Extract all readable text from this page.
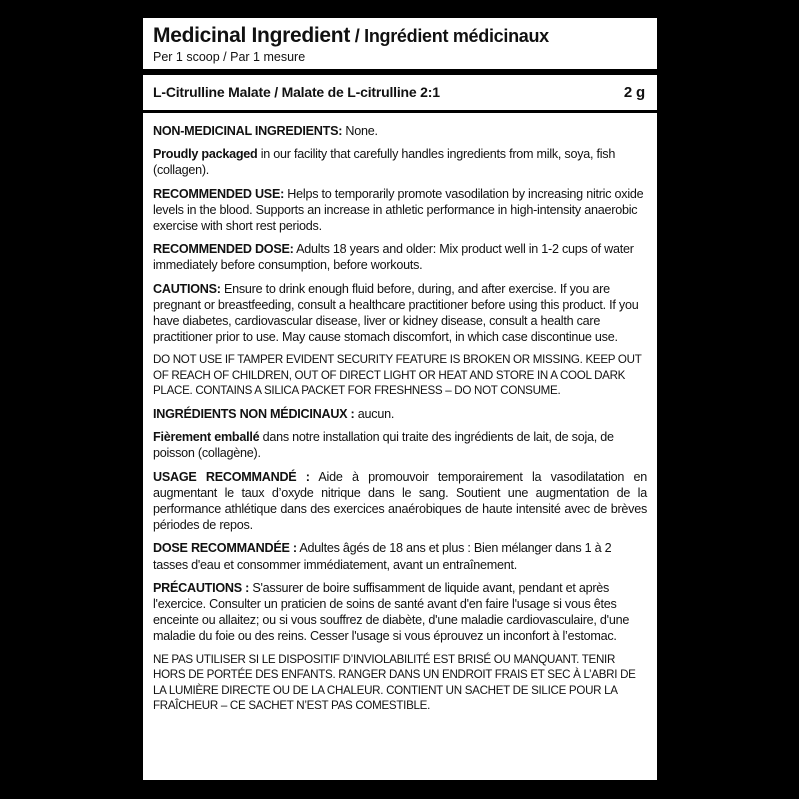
Medicinal Ingredient / Ingrédient médicinaux
Per 1 scoop / Par 1 mesure
L-Citrulline Malate / Malate de L-citrulline 2:1	2 g

NON-MEDICINAL INGREDIENTS: None.

Proudly packaged in our facility that carefully handles ingredients from milk, soya, fish (collagen).

RECOMMENDED USE: Helps to temporarily promote vasodilation by increasing nitric oxide levels in the blood. Supports an increase in athletic performance in high-intensity anaerobic exercise with short rest periods.

RECOMMENDED DOSE: Adults 18 years and older: Mix product well in 1-2 cups of water immediately before consumption, before workouts.

CAUTIONS: Ensure to drink enough fluid before, during, and after exercise. If you are pregnant or breastfeeding, consult a healthcare practitioner before using this product. If you have diabetes, cardiovascular disease, liver or kidney disease, consult a health care practitioner prior to use. May cause stomach discomfort, in which case discontinue use.

DO NOT USE IF TAMPER EVIDENT SECURITY FEATURE IS BROKEN OR MISSING. KEEP OUT OF REACH OF CHILDREN, OUT OF DIRECT LIGHT OR HEAT AND STORE IN A COOL DARK PLACE. CONTAINS A SILICA PACKET FOR FRESHNESS – DO NOT CONSUME.

INGRÉDIENTS NON MÉDICINAUX : aucun.

Fièrement emballé dans notre installation qui traite des ingrédients de lait, de soja, de poisson (collagène).

USAGE RECOMMANDÉ : Aide à promouvoir temporairement la vasodilatation en augmentant le taux d’oxyde nitrique dans le sang. Soutient une augmentation de la performance athlétique dans des exercices anaérobiques de haute intensité avec de brèves périodes de repos.

DOSE RECOMMANDÉE : Adultes âgés de 18 ans et plus : Bien mélanger dans 1 à 2 tasses d'eau et consommer immédiatement, avant un entraînement.

PRÉCAUTIONS : S'assurer de boire suffisamment de liquide avant, pendant et après l'exercice. Consulter un praticien de soins de santé avant d'en faire l'usage si vous êtes enceinte ou allaitez; ou si vous souffrez de diabète, d'une maladie cardiovasculaire, d'une maladie du foie ou des reins. Cesser l'usage si vous éprouvez un inconfort à l’estomac.

NE PAS UTILISER SI LE DISPOSITIF D’INVIOLABILITÉ EST BRISÉ OU MANQUANT. TENIR HORS DE PORTÉE DES ENFANTS. RANGER DANS UN ENDROIT FRAIS ET SEC À L’ABRI DE LA LUMIÈRE DIRECTE OU DE LA CHALEUR. CONTIENT UN SACHET DE SILICE POUR LA FRAÎCHEUR – CE SACHET N’EST PAS COMESTIBLE.
